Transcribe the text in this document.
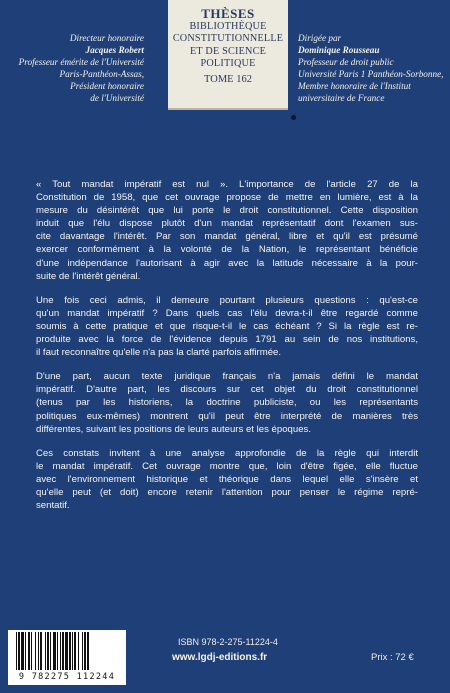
Directeur honoraire
Jacques Robert
Professeur émérite de l'Université
Paris-Panthéon-Assas,
Président honoraire
de l'Université
THÈSES
BIBLIOTHÈQUE
CONSTITUTIONNELLE
ET DE SCIENCE
POLITIQUE
TOME 162
Dirigée par
Dominique Rousseau
Professeur de droit public
Université Paris 1 Panthéon-Sorbonne,
Membre honoraire de l'Institut
universitaire de France

« Tout mandat impératif est nul ». L'importance de l'article 27 de la
Constitution de 1958, que cet ouvrage propose de mettre en lumière, est à la
mesure du désintérêt que lui porte le droit constitutionnel. Cette disposition
induit que l'élu dispose plutôt d'un mandat représentatif dont l'examen sus-
cite davantage l'intérêt. Par son mandat général, libre et qu'il est présumé
exercer conformément à la volonté de la Nation, le représentant bénéficie
d'une indépendance l'autorisant à agir avec la latitude nécessaire à la pour-
suite de l'intérêt général.

Une fois ceci admis, il demeure pourtant plusieurs questions : qu'est-ce
qu'un mandat impératif ? Dans quels cas l'élu devra-t-il être regardé comme
soumis à cette pratique et que risque-t-il le cas échéant ? Si la règle est re-
produite avec la force de l'évidence depuis 1791 au sein de nos institutions,
il faut reconnaître qu'elle n'a pas la clarté parfois affirmée.

D'une part, aucun texte juridique français n'a jamais défini le mandat
impératif. D'autre part, les discours sur cet objet du droit constitutionnel
(tenus par les historiens, la doctrine publiciste, ou les représentants
politiques eux-mêmes) montrent qu'il peut être interprété de manières très
différentes, suivant les positions de leurs auteurs et les époques.

Ces constats invitent à une analyse approfondie de la règle qui interdit
le mandat impératif. Cet ouvrage montre que, loin d'être figée, elle fluctue
avec l'environnement historique et théorique dans lequel elle s'insère et
qu'elle peut (et doit) encore retenir l'attention pour penser le régime repré-
sentatif.

9 782275 112244
ISBN 978-2-275-11224-4
www.lgdj-editions.fr	Prix : 72 €
